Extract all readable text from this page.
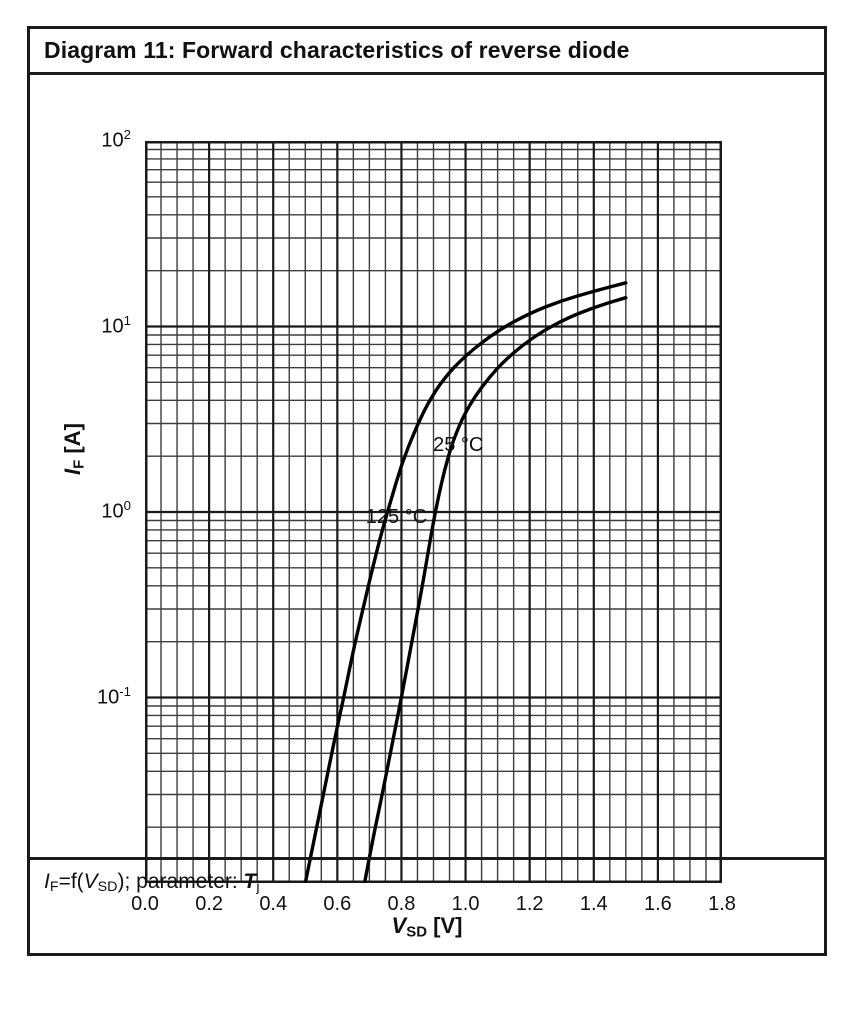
Diagram 11: Forward characteristics of reverse diode
$I_F$ [A]
$10^{-1}$
$10^0$
$10^1$
$10^2$
0.0	0.2	0.4	0.6	0.8	1.0	1.2	1.4	1.6	1.8
25 °C
125 °C
$V_{SD}$ [V]
$I_F=f(V_{SD})$; parameter: $T_j$
